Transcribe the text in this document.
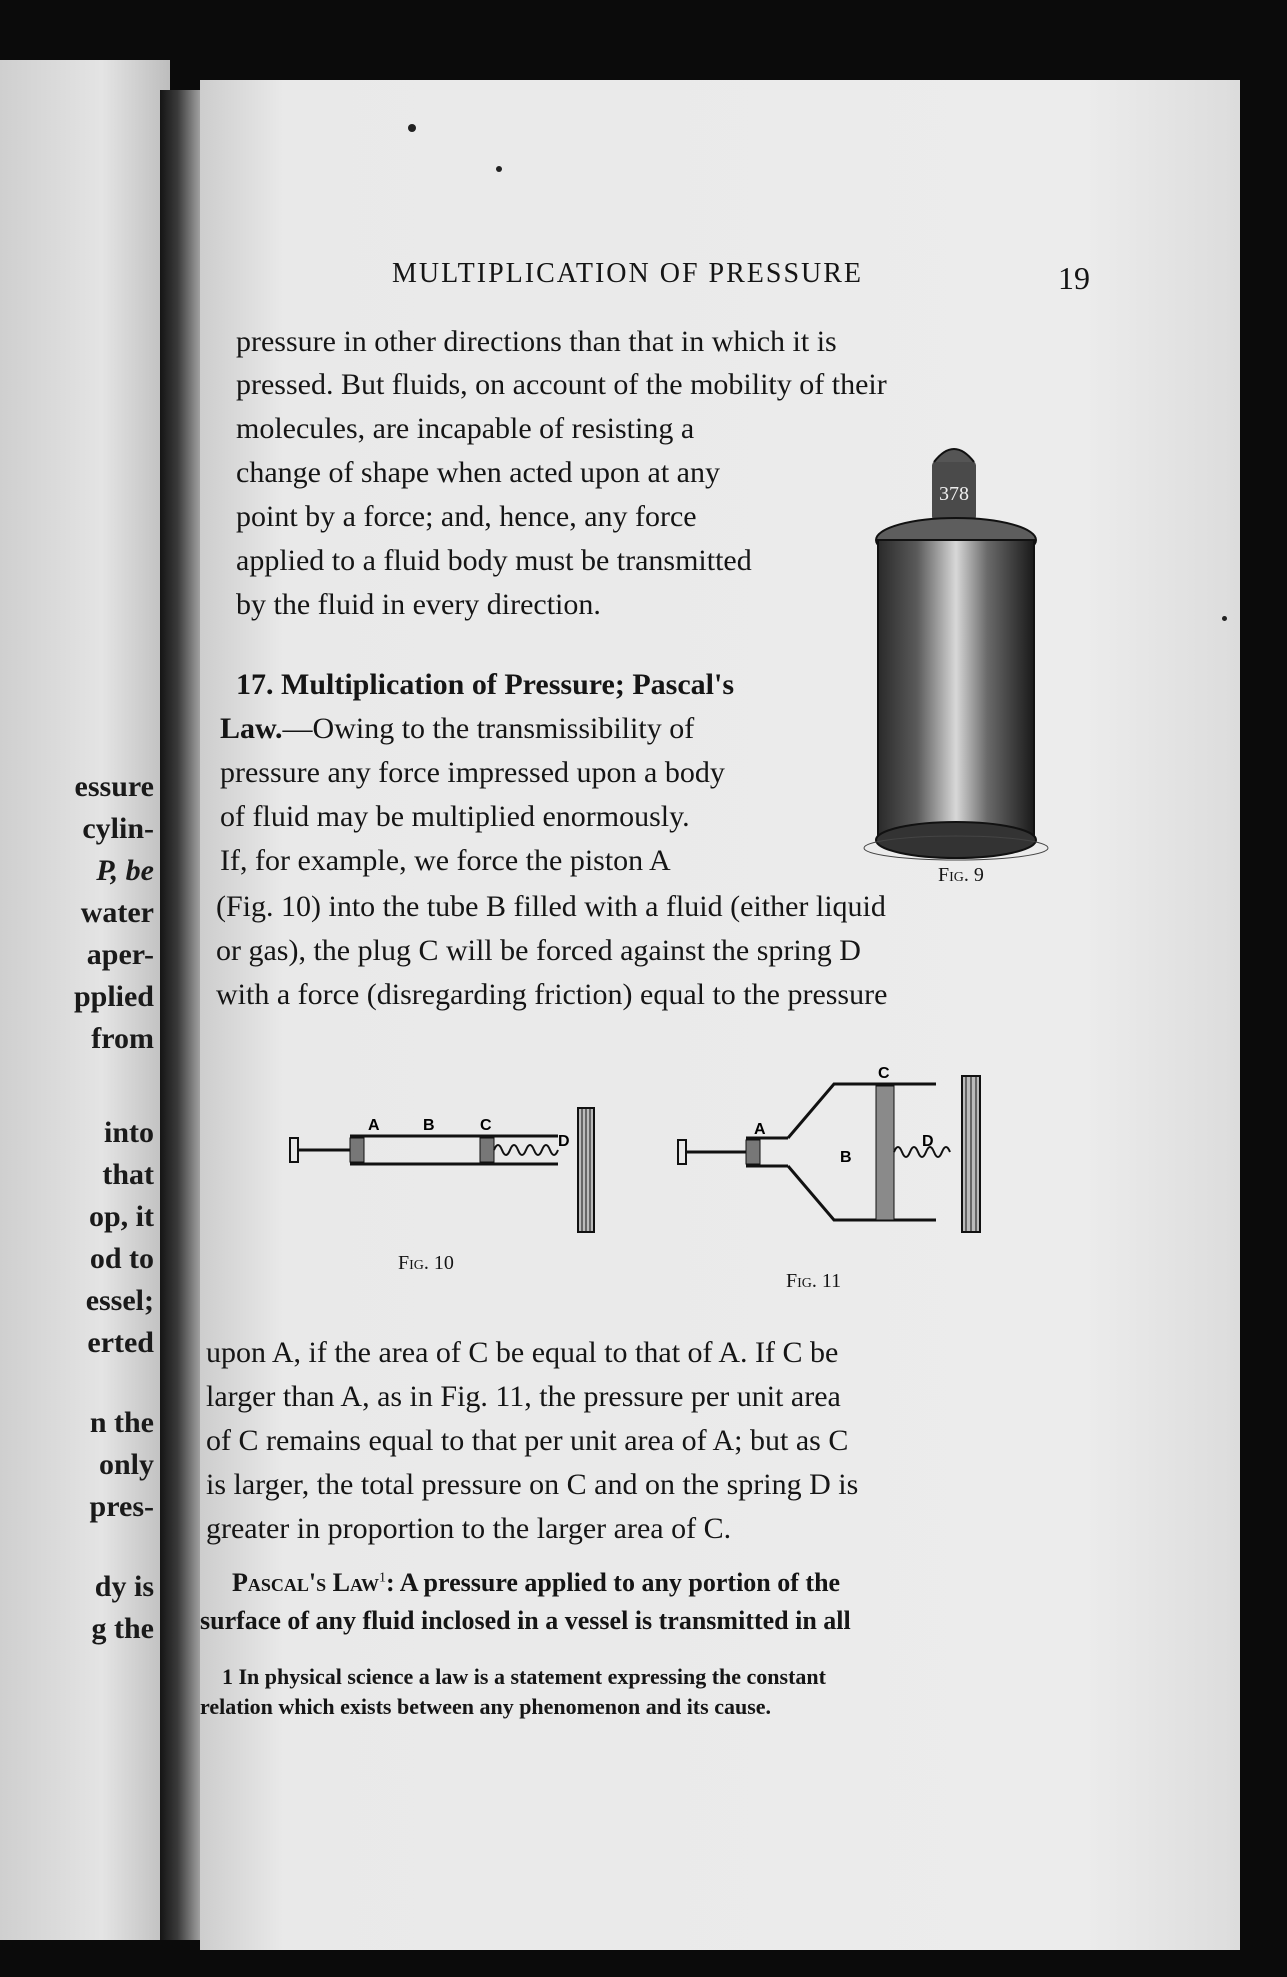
essure
cylin-
P, be
water
aper-
pplied
from
into
that
op, it
od to
essel;
erted
n the
only
pres-
dy is
g the
MULTIPLICATION OF PRESSURE	19
pressure in other directions than that in which it is
pressed. But fluids, on account of the mobility of their
molecules, are incapable of resisting a
change of shape when acted upon at any
point by a force; and, hence, any force
applied to a fluid body must be transmitted
by the fluid in every direction.
17. Multiplication of Pressure; Pascal's
Law.—Owing to the transmissibility of
pressure any force impressed upon a body
of fluid may be multiplied enormously.
If, for example, we force the piston A
(Fig. 10) into the tube B filled with a fluid (either liquid
or gas), the plug C will be forced against the spring D
with a force (disregarding friction) equal to the pressure
378
Fig. 9
A	B	C
D
Fig. 10
A
B
C
D
Fig. 11
upon A, if the area of C be equal to that of A. If C be
larger than A, as in Fig. 11, the pressure per unit area
of C remains equal to that per unit area of A; but as C
is larger, the total pressure on C and on the spring D is
greater in proportion to the larger area of C.
Pascal's Law$^1$: A pressure applied to any portion of the
surface of any fluid inclosed in a vessel is transmitted in all
1 In physical science a law is a statement expressing the constant
relation which exists between any phenomenon and its cause.
